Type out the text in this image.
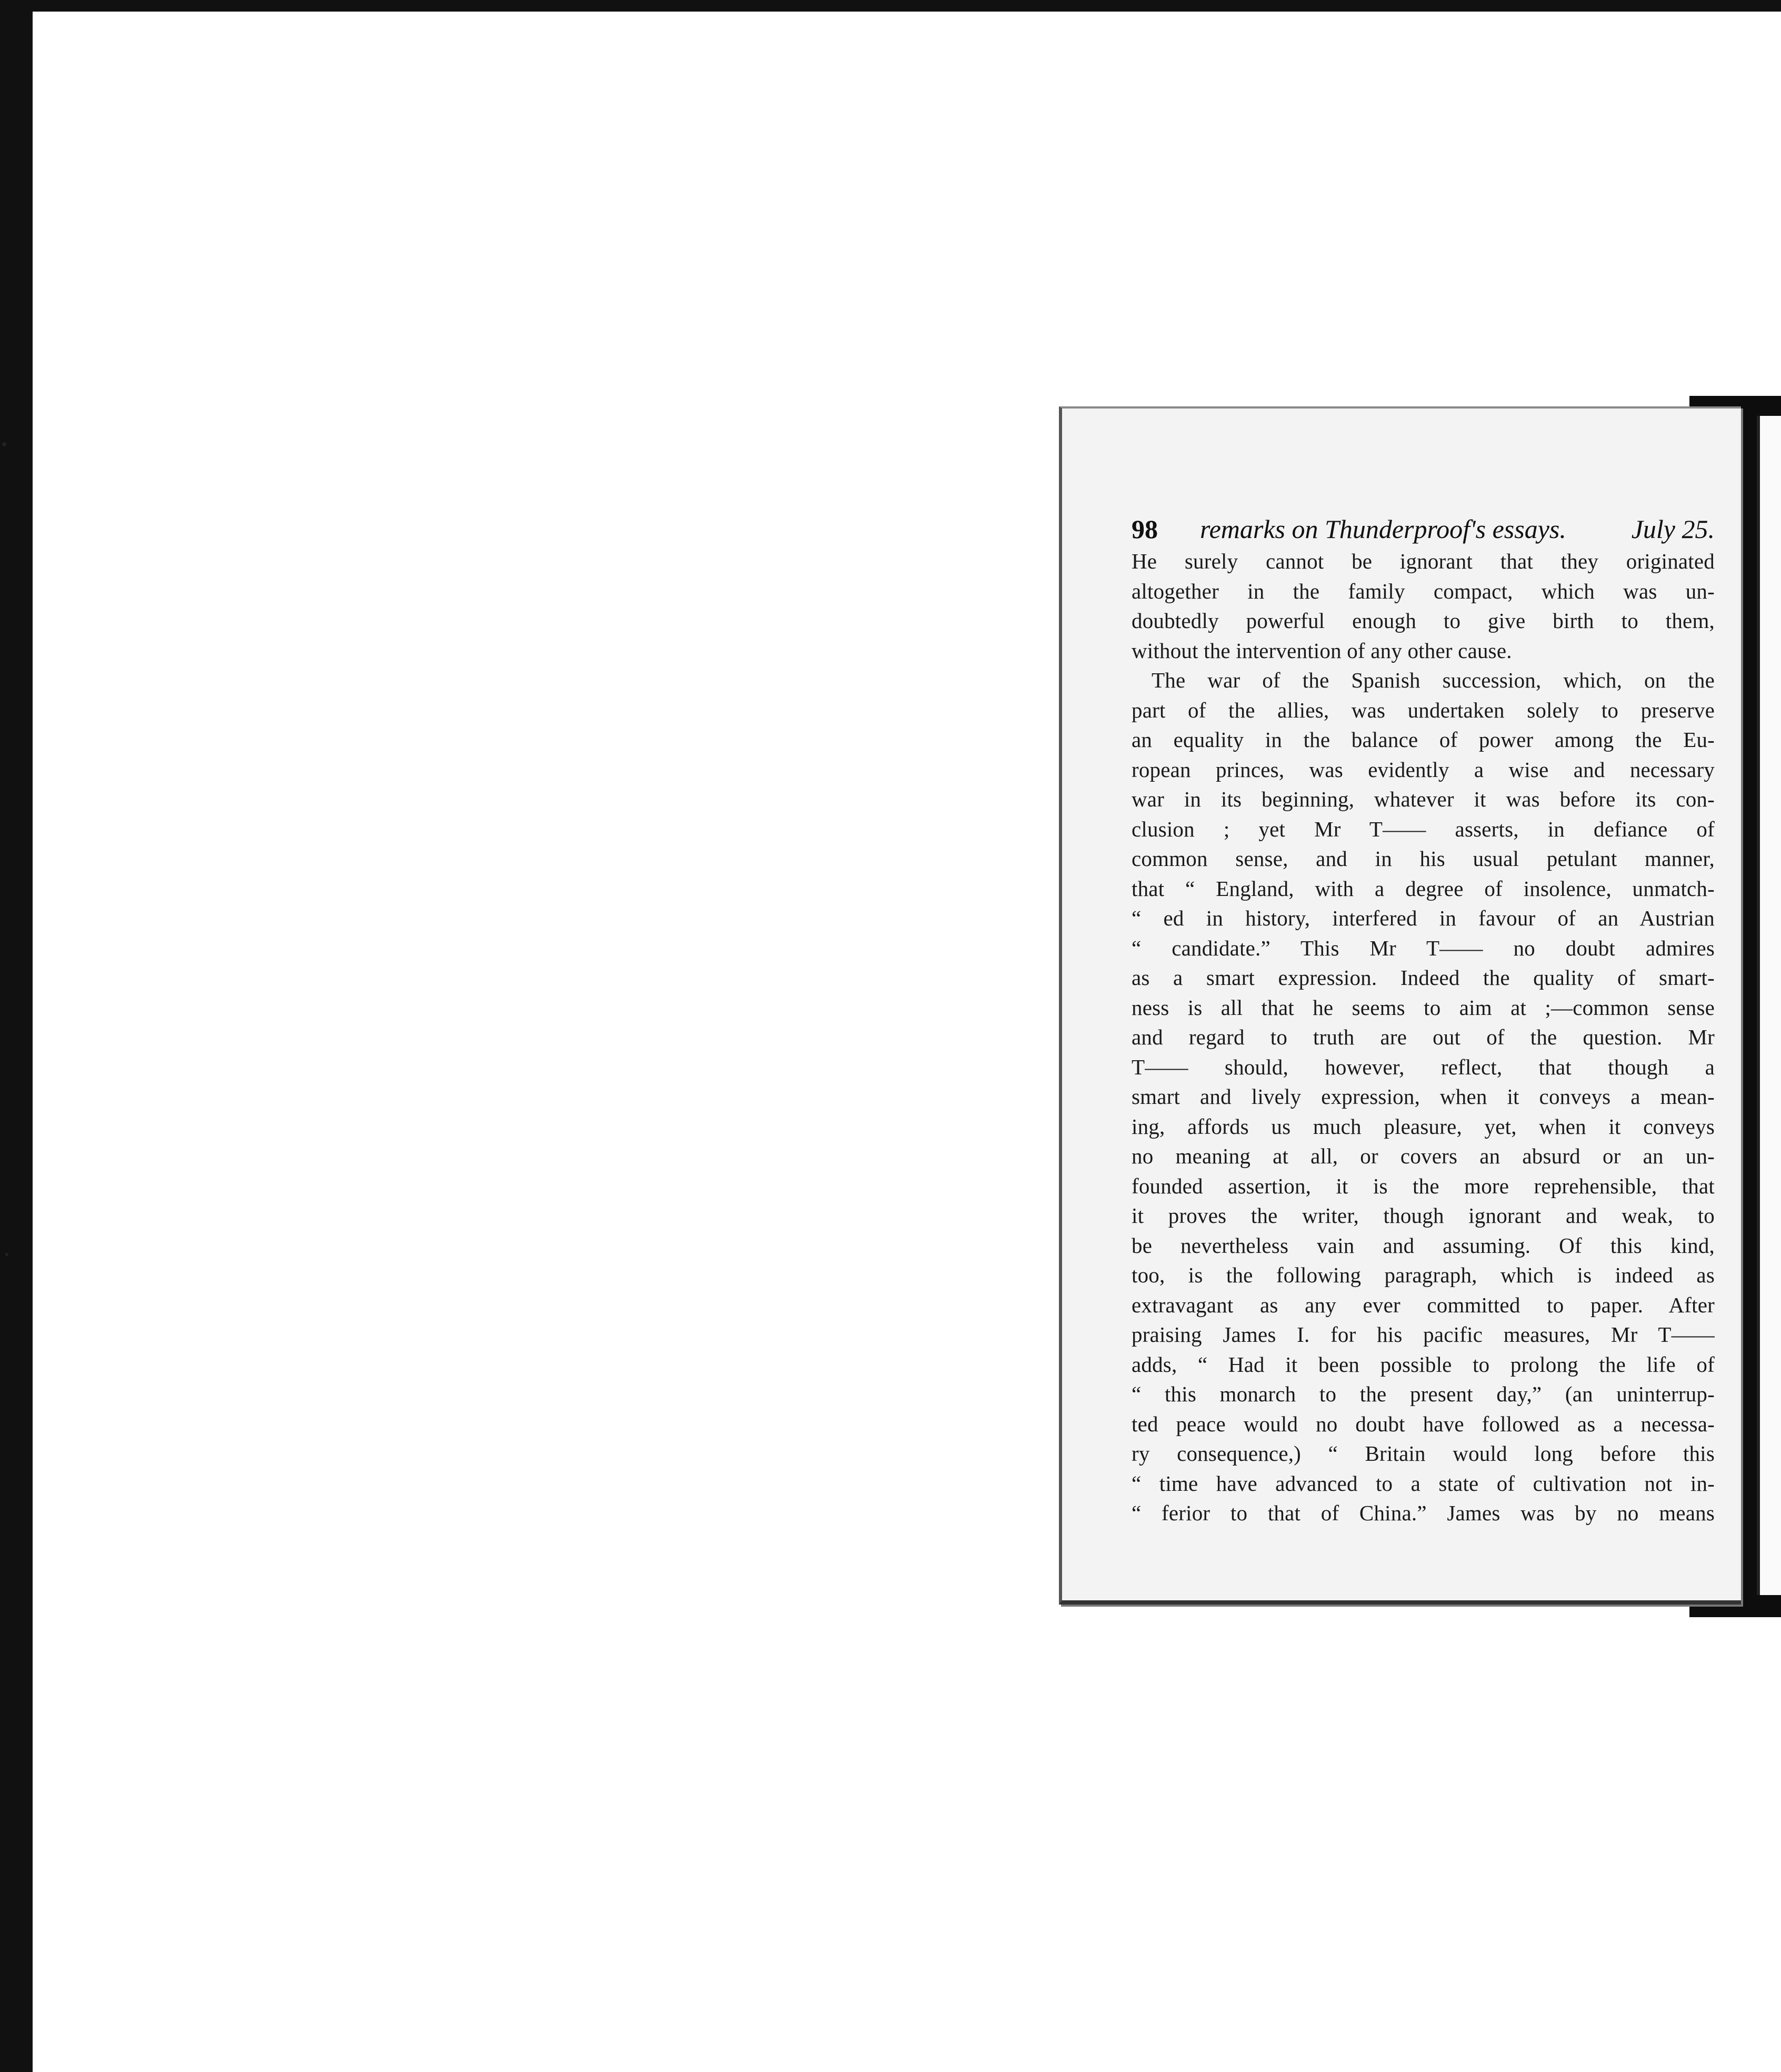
98 remarks on Thunderproof's essays. July 25.
He surely cannot be ignorant that they originated
altogether in the family compact, which was un-
doubtedly powerful enough to give birth to them,
without the intervention of any other cause.
The war of the Spanish succession, which, on the
part of the allies, was undertaken solely to preserve
an equality in the balance of power among the Eu-
ropean princes, was evidently a wise and necessary
war in its beginning, whatever it was before its con-
clusion ; yet Mr T—— asserts, in defiance of
common sense, and in his usual petulant manner,
that “ England, with a degree of insolence, unmatch-
“ ed in history, interfered in favour of an Austrian
“ candidate.” This Mr T—— no doubt admires
as a smart expression. Indeed the quality of smart-
ness is all that he seems to aim at ;—common sense
and regard to truth are out of the question. Mr
T—— should, however, reflect, that though a
smart and lively expression, when it conveys a mean-
ing, affords us much pleasure, yet, when it conveys
no meaning at all, or covers an absurd or an un-
founded assertion, it is the more reprehensible, that
it proves the writer, though ignorant and weak, to
be nevertheless vain and assuming. Of this kind,
too, is the following paragraph, which is indeed as
extravagant as any ever committed to paper. After
praising James I. for his pacific measures, Mr T——
adds, “ Had it been possible to prolong the life of
“ this monarch to the present day,” (an uninterrup-
ted peace would no doubt have followed as a necessa-
ry consequence,) “ Britain would long before this
“ time have advanced to a state of cultivation not in-
“ ferior to that of China.” James was by no means
